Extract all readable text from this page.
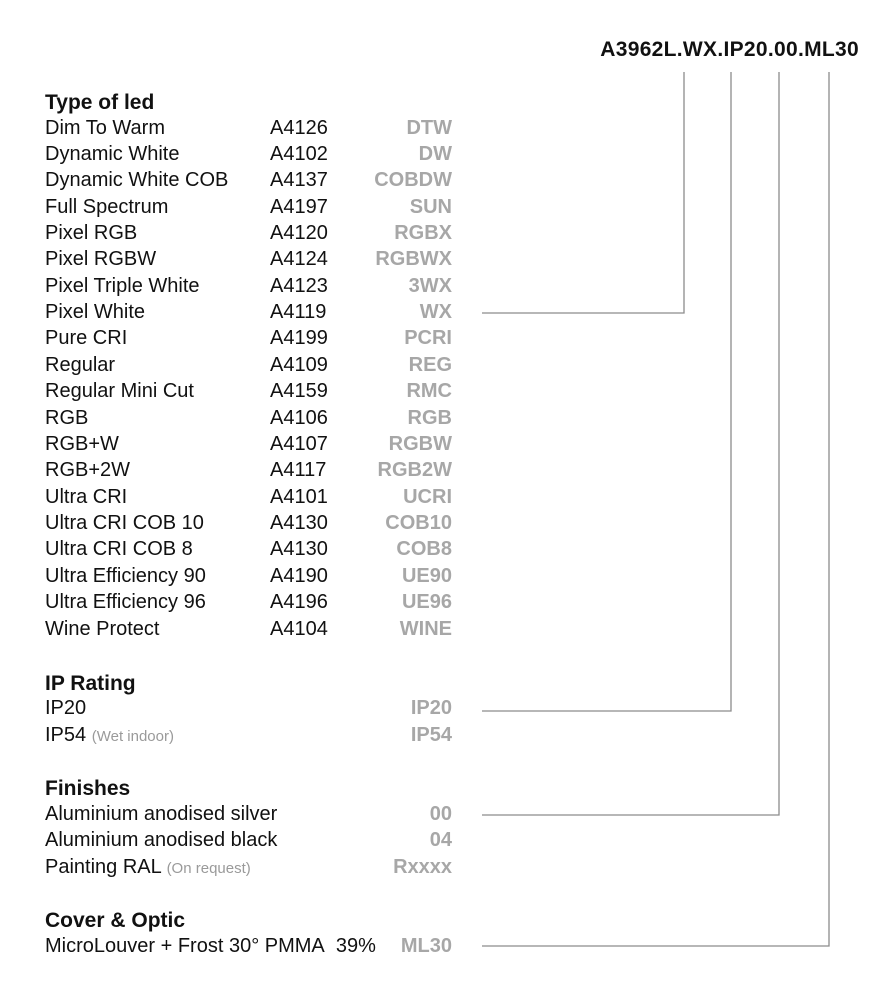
A3962L.WX.IP20.00.ML30
Type of led
Dim To Warm	A4126	DTW
Dynamic White	A4102	DW
Dynamic White COB A4137 COBDW
Full Spectrum	A4197	SUN
Pixel RGB	A4120	RGBX
Pixel RGBW	A4124 RGBWX
Pixel Triple White	A4123	3WX
Pixel White	A4119	WX
Pure CRI	A4199	PCRI
Regular	A4109	REG
Regular Mini Cut	A4159	RMC
RGB	A4106	RGB
RGB+W	A4107	RGBW
RGB+2W	A4117	RGB2W
Ultra CRI	A4101	UCRI
Ultra CRI COB 10	A4130	COB10
Ultra CRI COB 8	A4130	COB8
Ultra Efficiency 90	A4190	UE90
Ultra Efficiency 96	A4196	UE96
Wine Protect	A4104	WINE
IP Rating
IP20	IP20
IP54 (Wet indoor)	IP54
Finishes
Aluminium anodised silver	00
Aluminium anodised black	04
Painting RAL (On request)	Rxxxx
Cover & Optic
MicroLouver + Frost 30° PMMA 39% ML30
